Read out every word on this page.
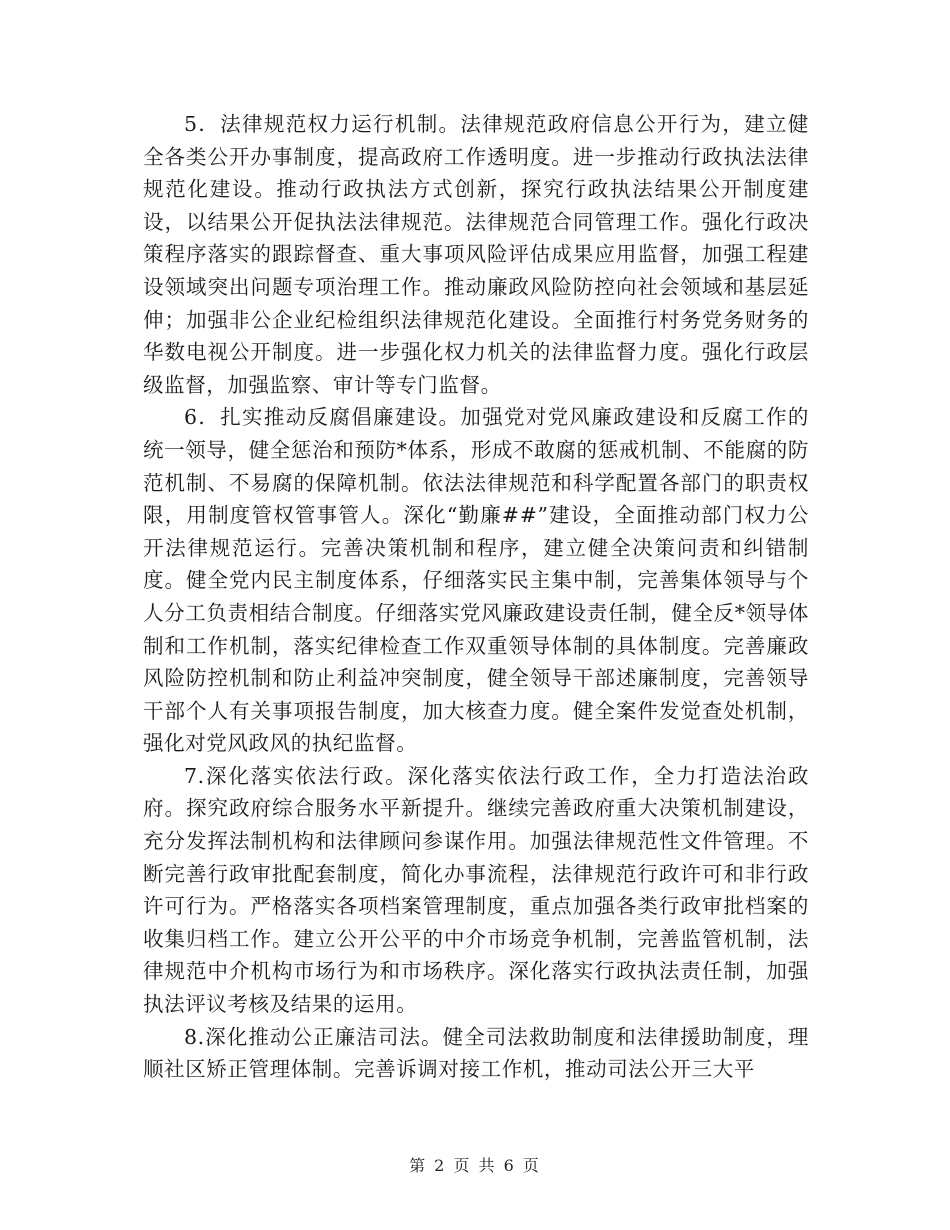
5．法律规范权力运行机制。法律规范政府信息公开行为，建立健全各类公开办事制度，提高政府工作透明度。进一步推动行政执法法律规范化建设。推动行政执法方式创新，探究行政执法结果公开制度建设，以结果公开促执法法律规范。法律规范合同管理工作。强化行政决策程序落实的跟踪督查、重大事项风险评估成果应用监督，加强工程建设领域突出问题专项治理工作。推动廉政风险防控向社会领域和基层延伸；加强非公企业纪检组织法律规范化建设。全面推行村务党务财务的华数电视公开制度。进一步强化权力机关的法律监督力度。强化行政层级监督，加强监察、审计等专门监督。

6．扎实推动反腐倡廉建设。加强党对党风廉政建设和反腐工作的统一领导，健全惩治和预防*体系，形成不敢腐的惩戒机制、不能腐的防范机制、不易腐的保障机制。依法法律规范和科学配置各部门的职责权限，用制度管权管事管人。深化“勤廉##”建设，全面推动部门权力公开法律规范运行。完善决策机制和程序，建立健全决策问责和纠错制度。健全党内民主制度体系，仔细落实民主集中制，完善集体领导与个人分工负责相结合制度。仔细落实党风廉政建设责任制，健全反*领导体制和工作机制，落实纪律检查工作双重领导体制的具体制度。完善廉政风险防控机制和防止利益冲突制度，健全领导干部述廉制度，完善领导干部个人有关事项报告制度，加大核查力度。健全案件发觉查处机制，强化对党风政风的执纪监督。

7.深化落实依法行政。深化落实依法行政工作，全力打造法治政府。探究政府综合服务水平新提升。继续完善政府重大决策机制建设，充分发挥法制机构和法律顾问参谋作用。加强法律规范性文件管理。不断完善行政审批配套制度，简化办事流程，法律规范行政许可和非行政许可行为。严格落实各项档案管理制度，重点加强各类行政审批档案的收集归档工作。建立公开公平的中介市场竞争机制，完善监管机制，法律规范中介机构市场行为和市场秩序。深化落实行政执法责任制，加强执法评议考核及结果的运用。

8.深化推动公正廉洁司法。健全司法救助制度和法律援助制度，理顺社区矫正管理体制。完善诉调对接工作机，推动司法公开三大平

第 2 页 共 6 页
